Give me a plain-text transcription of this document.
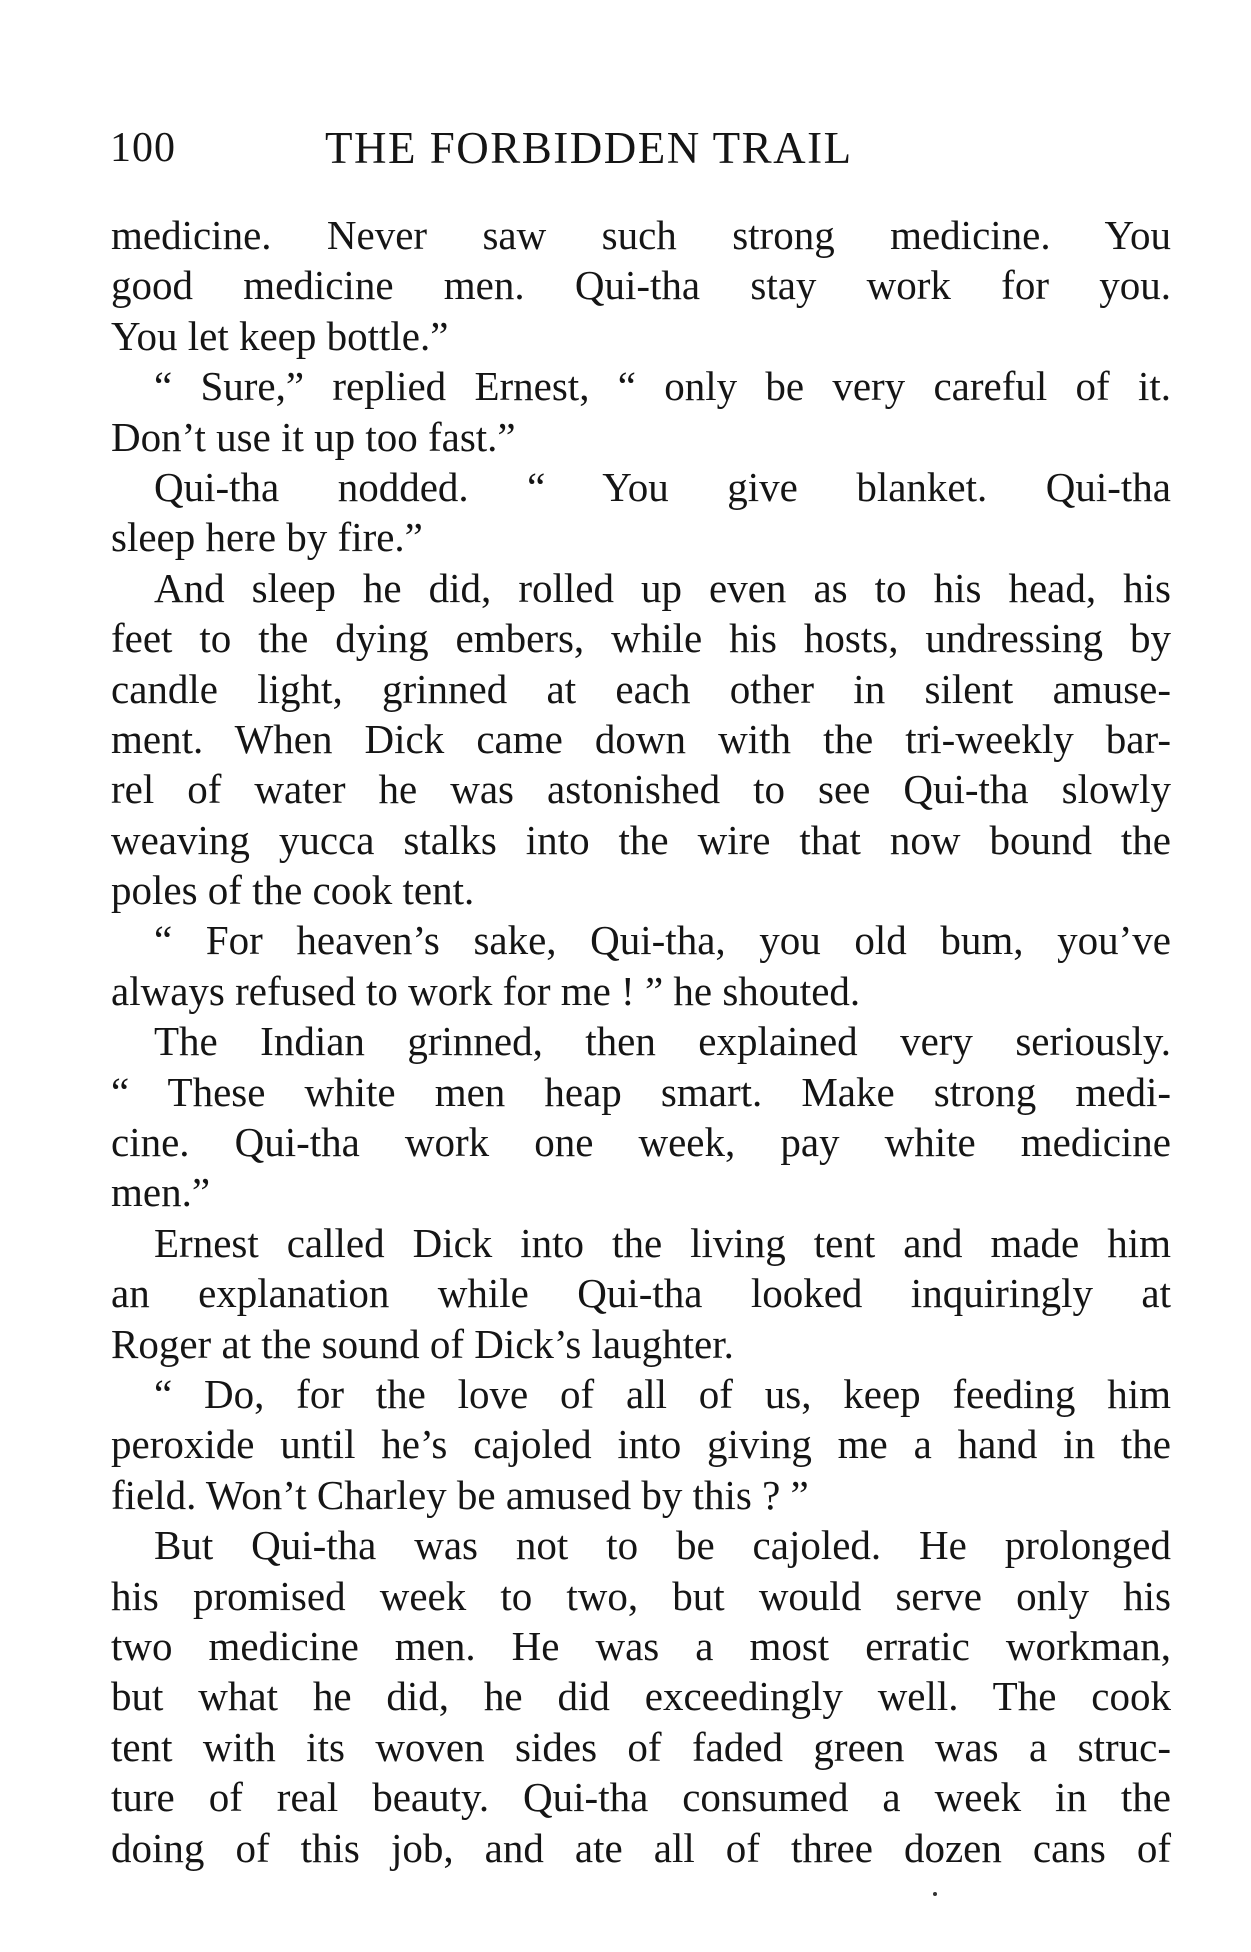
100	THE FORBIDDEN TRAIL
medicine. Never saw such strong medicine. You
good medicine men. Qui-tha stay work for you.
You let keep bottle.”
“ Sure,” replied Ernest, “ only be very careful of it.
Don’t use it up too fast.”
Qui-tha nodded. “ You give blanket. Qui-tha
sleep here by fire.”
And sleep he did, rolled up even as to his head, his
feet to the dying embers, while his hosts, undressing by
candle light, grinned at each other in silent amuse-
ment. When Dick came down with the tri-weekly bar-
rel of water he was astonished to see Qui-tha slowly
weaving yucca stalks into the wire that now bound the
poles of the cook tent.
“ For heaven’s sake, Qui-tha, you old bum, you’ve
always refused to work for me ! ” he shouted.
The Indian grinned, then explained very seriously.
“ These white men heap smart. Make strong medi-
cine. Qui-tha work one week, pay white medicine
men.”
Ernest called Dick into the living tent and made him
an explanation while Qui-tha looked inquiringly at
Roger at the sound of Dick’s laughter.
“ Do, for the love of all of us, keep feeding him
peroxide until he’s cajoled into giving me a hand in the
field. Won’t Charley be amused by this ? ”
But Qui-tha was not to be cajoled. He prolonged
his promised week to two, but would serve only his
two medicine men. He was a most erratic workman,
but what he did, he did exceedingly well. The cook
tent with its woven sides of faded green was a struc-
ture of real beauty. Qui-tha consumed a week in the
doing of this job, and ate all of three dozen cans of
